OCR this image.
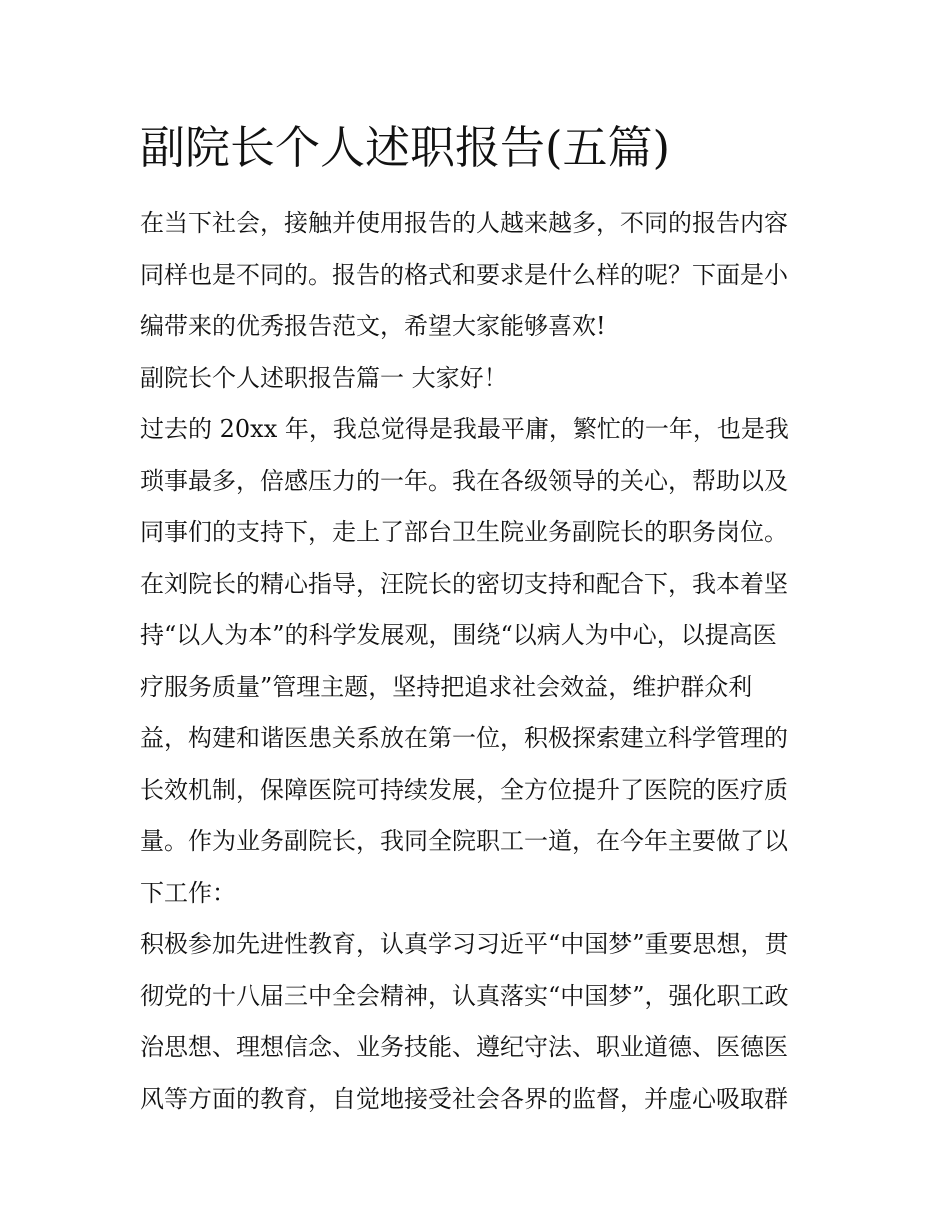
副院长个人述职报告(五篇)
在当下社会，接触并使用报告的人越来越多，不同的报告内容
同样也是不同的。报告的格式和要求是什么样的呢？下面是小
编带来的优秀报告范文，希望大家能够喜欢!
副院长个人述职报告篇一 大家好！
过去的 20xx 年，我总觉得是我最平庸，繁忙的一年，也是我
琐事最多，倍感压力的一年。我在各级领导的关心，帮助以及
同事们的支持下，走上了部台卫生院业务副院长的职务岗位。
在刘院长的精心指导，汪院长的密切支持和配合下，我本着坚
持“以人为本”的科学发展观，围绕“以病人为中心，以提高医
疗服务质量”管理主题，坚持把追求社会效益，维护群众利
益，构建和谐医患关系放在第一位，积极探索建立科学管理的
长效机制，保障医院可持续发展，全方位提升了医院的医疗质
量。作为业务副院长，我同全院职工一道，在今年主要做了以
下工作：
积极参加先进性教育，认真学习习近平“中国梦”重要思想，贯
彻党的十八届三中全会精神，认真落实“中国梦”，强化职工政
治思想、理想信念、业务技能、遵纪守法、职业道德、医德医
风等方面的教育，自觉地接受社会各界的监督，并虚心吸取群
